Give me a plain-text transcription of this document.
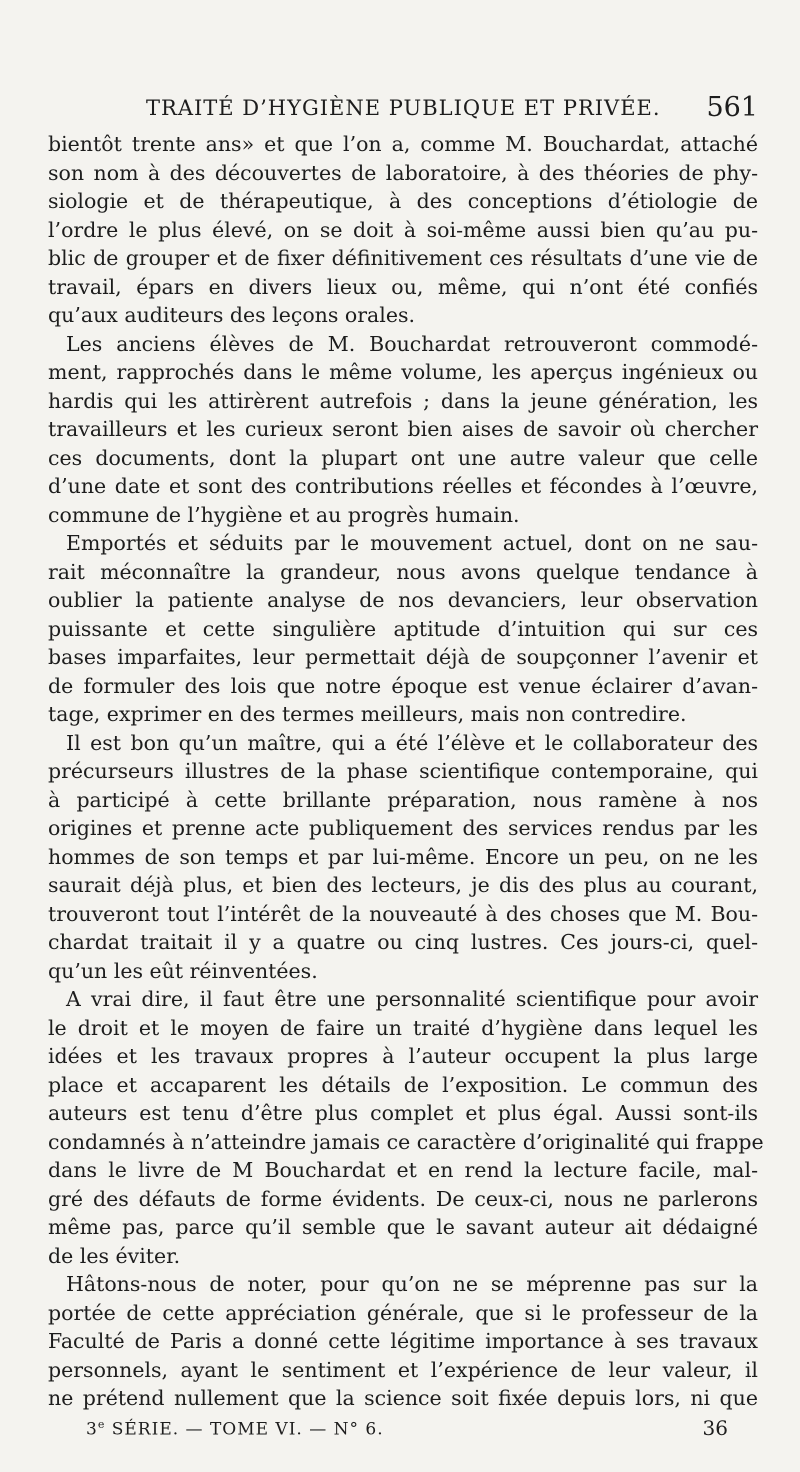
TRAITÉ D’HYGIÈNE PUBLIQUE ET PRIVÉE. 561
bientôt trente ans» et que l’on a, comme M. Bouchardat, attaché
son nom à des découvertes de laboratoire, à des théories de phy-
siologie et de thérapeutique, à des conceptions d’étiologie de
l’ordre le plus élevé, on se doit à soi-même aussi bien qu’au pu-
blic de grouper et de fixer définitivement ces résultats d’une vie de
travail, épars en divers lieux ou, même, qui n’ont été confiés
qu’aux auditeurs des leçons orales.
Les anciens élèves de M. Bouchardat retrouveront commodé-
ment, rapprochés dans le même volume, les aperçus ingénieux ou
hardis qui les attirèrent autrefois ; dans la jeune génération, les
travailleurs et les curieux seront bien aises de savoir où chercher
ces documents, dont la plupart ont une autre valeur que celle
d’une date et sont des contributions réelles et fécondes à l’œuvre,
commune de l’hygiène et au progrès humain.
Emportés et séduits par le mouvement actuel, dont on ne sau-
rait méconnaître la grandeur, nous avons quelque tendance à
oublier la patiente analyse de nos devanciers, leur observation
puissante et cette singulière aptitude d’intuition qui sur ces
bases imparfaites, leur permettait déjà de soupçonner l’avenir et
de formuler des lois que notre époque est venue éclairer d’avan-
tage, exprimer en des termes meilleurs, mais non contredire.
Il est bon qu’un maître, qui a été l’élève et le collaborateur des
précurseurs illustres de la phase scientifique contemporaine, qui
à participé à cette brillante préparation, nous ramène à nos
origines et prenne acte publiquement des services rendus par les
hommes de son temps et par lui-même. Encore un peu, on ne les
saurait déjà plus, et bien des lecteurs, je dis des plus au courant,
trouveront tout l’intérêt de la nouveauté à des choses que M. Bou-
chardat traitait il y a quatre ou cinq lustres. Ces jours-ci, quel-
qu’un les eût réinventées.
A vrai dire, il faut être une personnalité scientifique pour avoir
le droit et le moyen de faire un traité d’hygiène dans lequel les
idées et les travaux propres à l’auteur occupent la plus large
place et accaparent les détails de l’exposition. Le commun des
auteurs est tenu d’être plus complet et plus égal. Aussi sont-ils
condamnés à n’atteindre jamais ce caractère d’originalité qui frappe
dans le livre de M Bouchardat et en rend la lecture facile, mal-
gré des défauts de forme évidents. De ceux-ci, nous ne parlerons
même pas, parce qu’il semble que le savant auteur ait dédaigné
de les éviter.
Hâtons-nous de noter, pour qu’on ne se méprenne pas sur la
portée de cette appréciation générale, que si le professeur de la
Faculté de Paris a donné cette légitime importance à ses travaux
personnels, ayant le sentiment et l’expérience de leur valeur, il
ne prétend nullement que la science soit fixée depuis lors, ni que
3e SÉRIE. — TOME VI. — N° 6.	36
